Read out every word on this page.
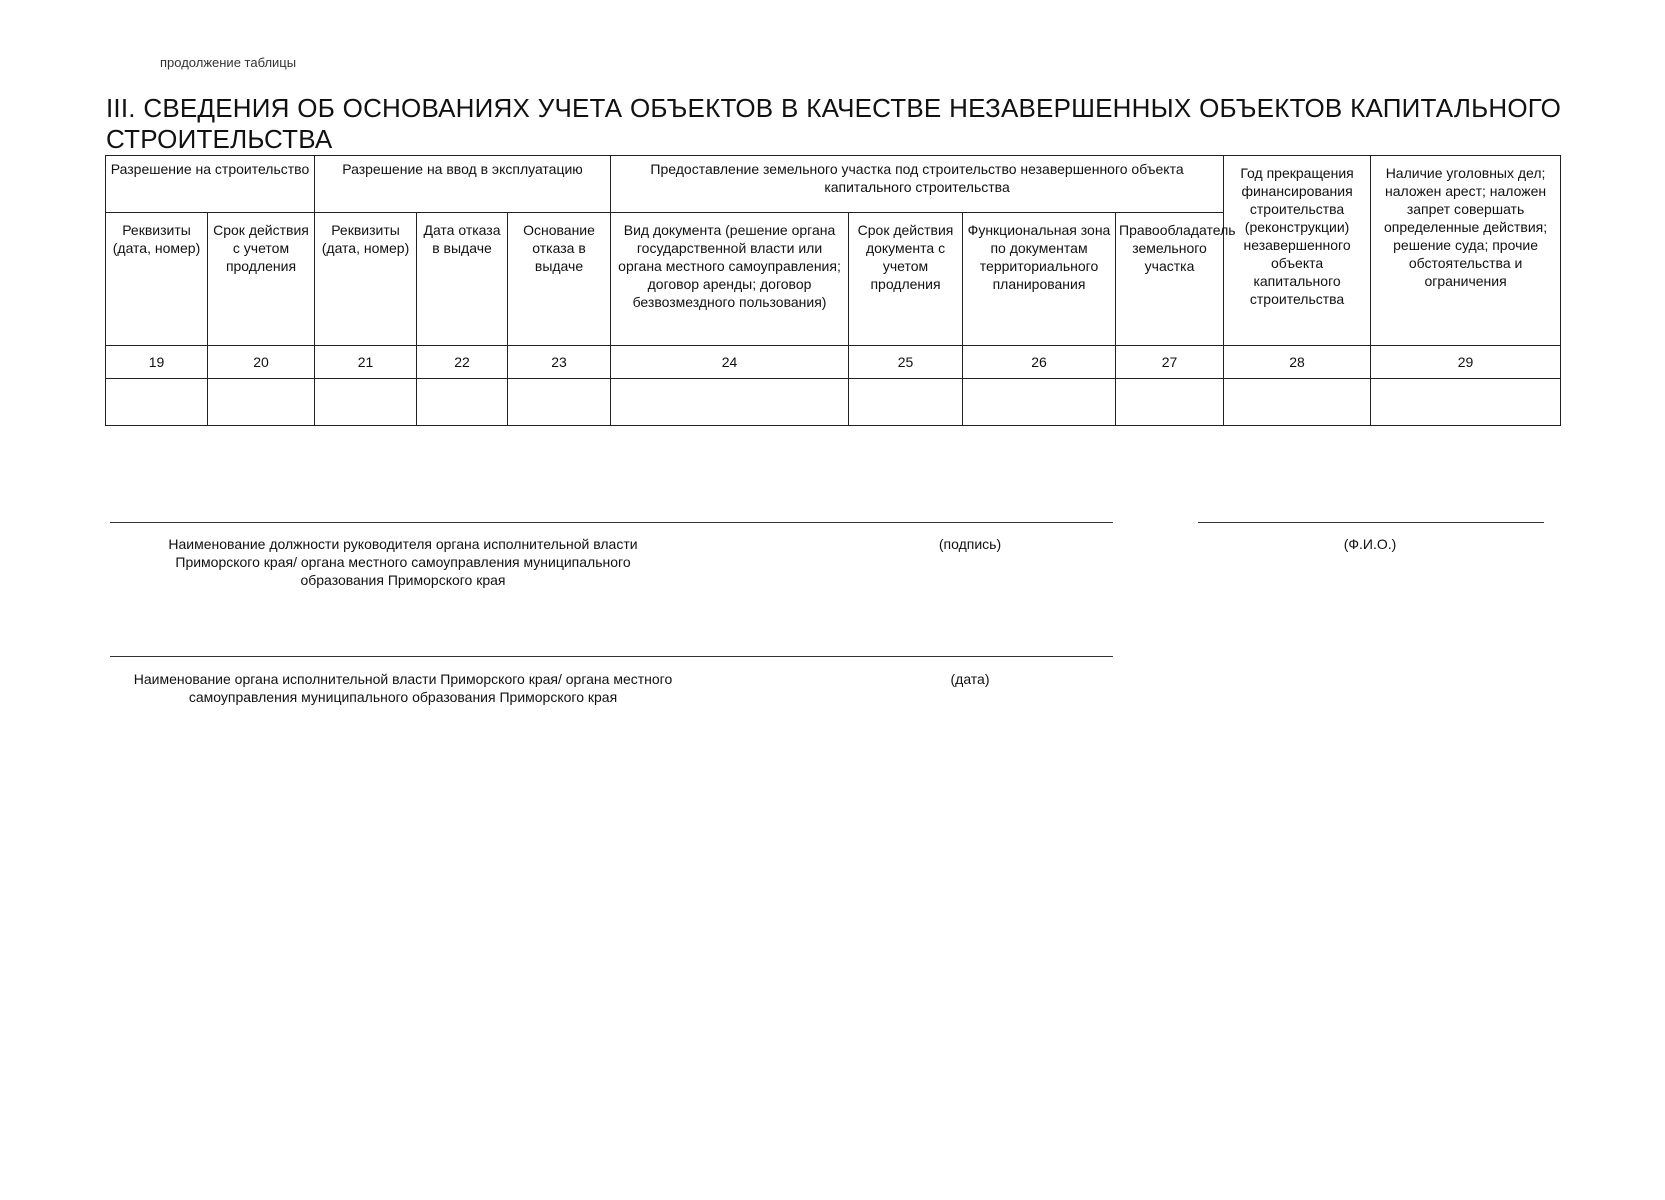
продолжение таблицы
III. СВЕДЕНИЯ ОБ ОСНОВАНИЯХ УЧЕТА ОБЪЕКТОВ В КАЧЕСТВЕ НЕЗАВЕРШЕННЫХ ОБЪЕКТОВ КАПИТАЛЬНОГО СТРОИТЕЛЬСТВА
Разрешение на строительство		Разрешение на ввод в эксплуатацию			Предоставление земельного участка под строительство незавершенного объекта капитального строительства				Год прекращения финансирования строительства (реконструкции) незавершенного объекта капитального строительства	Наличие уголовных дел; наложен арест; наложен запрет совершать определенные действия; решение суда; прочие обстоятельства и ограничения
Реквизиты (дата, номер)	Срок действия с учетом продления	Реквизиты (дата, номер)	Дата отказа в выдаче	Основание отказа в выдаче	Вид документа (решение органа государственной власти или органа местного самоуправления; договор аренды; договор безвозмездного пользования)	Срок действия документа с учетом продления	Функциональная зона по документам территориального планирования	Правообладатель земельного участка		
19	20	21	22	23	24	25	26	27	28	29

Наименование должности руководителя органа исполнительной власти Приморского края/ органа местного самоуправления муниципального образования Приморского края
(подпись)	(Ф.И.О.)
Наименование органа исполнительной власти Приморского края/ органа местного самоуправления муниципального образования Приморского края
(дата)
